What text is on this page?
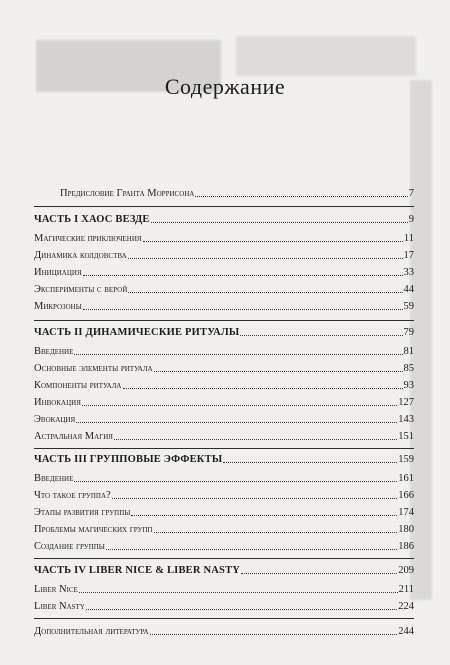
Содержание
Предисловие Гранта Моррисона	7
ЧАСТЬ I ХАОС ВЕЗДЕ	9
Магические приключения	11
Динамика колдовства	17
Инициация	33
Эксперименты с верой	44
Микрозоны	59
ЧАСТЬ II ДИНАМИЧЕСКИЕ РИТУАЛЫ	79
Введение	81
Основные элементы ритуала	85
Компоненты ритуала	93
Инвокация	127
Эвокация	143
Астральная Магия	151
ЧАСТЬ III ГРУППОВЫЕ ЭФФЕКТЫ	159
Введение	161
Что такое группа?	166
Этапы развития группы	174
Проблемы магических групп	180
Создание группы	186
ЧАСТЬ IV LIBER NICE & LIBER NASTY	209
Liber Nice	211
Liber Nasty	224
Дополнительная литература	244
